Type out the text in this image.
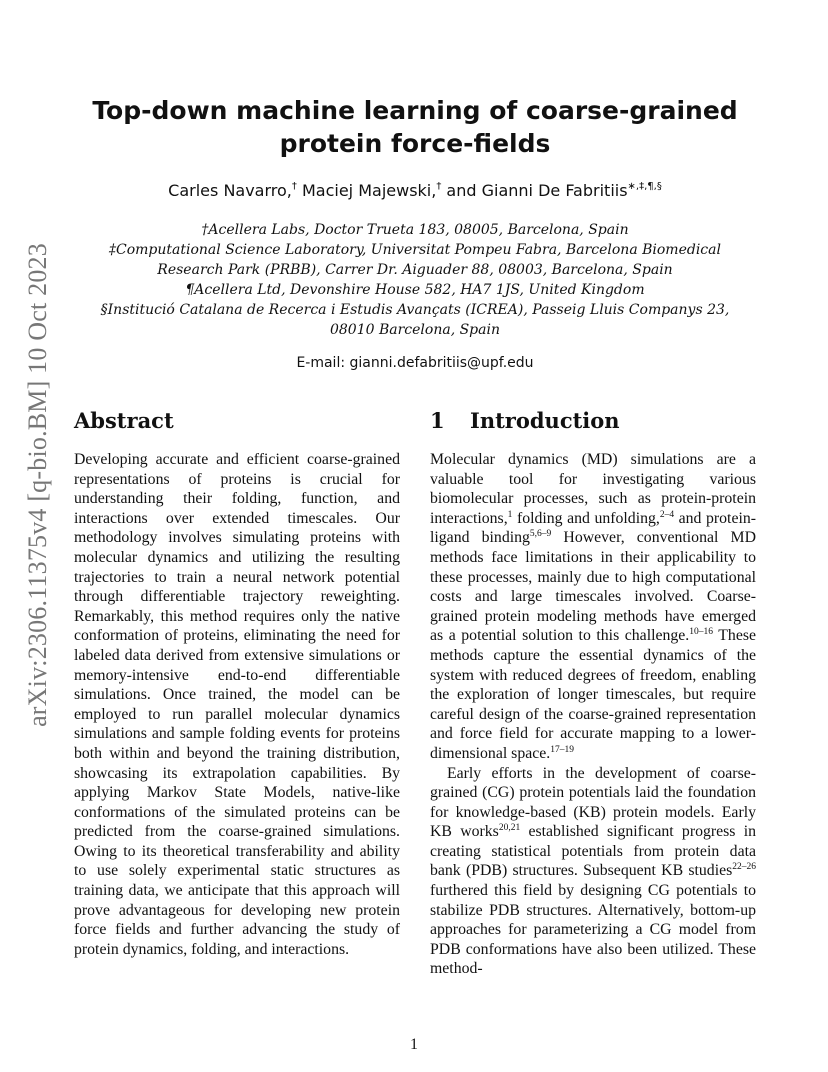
arXiv:2306.11375v4 [q-bio.BM] 10 Oct 2023
Top-down machine learning of coarse-grained
protein force-fields
Carles Navarro,† Maciej Majewski,† and Gianni De Fabritiis∗,‡,¶,§
†Acellera Labs, Doctor Trueta 183, 08005, Barcelona, Spain
‡Computational Science Laboratory, Universitat Pompeu Fabra, Barcelona Biomedical
Research Park (PRBB), Carrer Dr. Aiguader 88, 08003, Barcelona, Spain
¶Acellera Ltd, Devonshire House 582, HA7 1JS, United Kingdom
§Institució Catalana de Recerca i Estudis Avançats (ICREA), Passeig Lluis Companys 23,
08010 Barcelona, Spain
E-mail: gianni.defabritiis@upf.edu
Abstract

Developing accurate and efficient coarse-grained representations of proteins is crucial for understanding their folding, function, and interactions over extended timescales. Our methodology involves simulating proteins with molecular dynamics and utilizing the resulting trajectories to train a neural network potential through differentiable trajectory reweighting. Remarkably, this method requires only the native conformation of proteins, eliminating the need for labeled data derived from extensive simulations or memory-intensive end-to-end differentiable simulations. Once trained, the model can be employed to run parallel molecular dynamics simulations and sample folding events for proteins both within and beyond the training distribution, showcasing its extrapolation capabilities. By applying Markov State Models, native-like conformations of the simulated proteins can be predicted from the coarse-grained simulations. Owing to its theoretical transferability and ability to use solely experimental static structures as training data, we anticipate that this approach will prove advantageous for developing new protein force fields and further advancing the study of protein dynamics, folding, and interactions.

1 Introduction

Molecular dynamics (MD) simulations are a valuable tool for investigating various biomolecular processes, such as protein-protein interactions,$^1$ folding and unfolding,$^{2-4}$ and protein-ligand binding$^{5,6-9}$ However, conventional MD methods face limitations in their applicability to these processes, mainly due to high computational costs and large timescales involved. Coarse-grained protein modeling methods have emerged as a potential solution to this challenge.$^{10-16}$ These methods capture the essential dynamics of the system with reduced degrees of freedom, enabling the exploration of longer timescales, but require careful design of the coarse-grained representation and force field for accurate mapping to a lower-dimensional space.$^{17-19}$

Early efforts in the development of coarse-grained (CG) protein potentials laid the foundation for knowledge-based (KB) protein models. Early KB works$^{20,21}$ established significant progress in creating statistical potentials from protein data bank (PDB) structures. Subsequent KB studies$^{22-26}$ furthered this field by designing CG potentials to stabilize PDB structures. Alternatively, bottom-up approaches for parameterizing a CG model from PDB conformations have also been utilized. These method-

1
